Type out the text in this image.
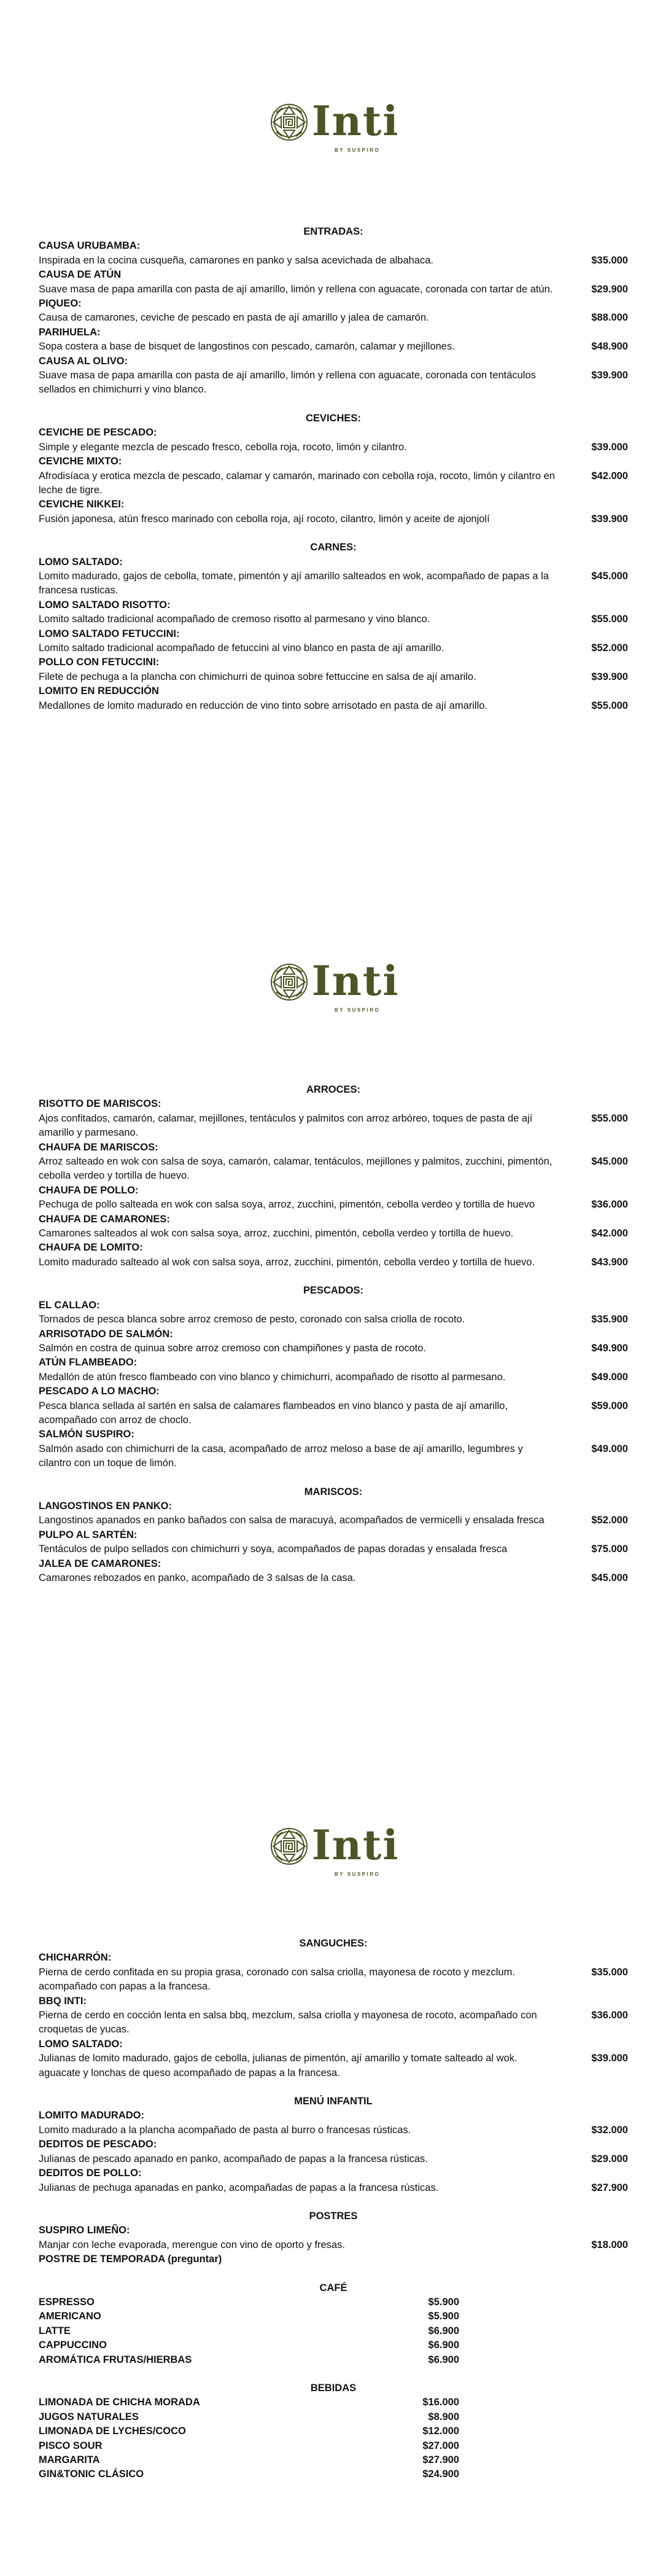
Inti
BY SUSPIRO
ENTRADAS:
CAUSA URUBAMBA:
Inspirada en la cocina cusqueña, camarones en panko y salsa acevichada de albahaca.	$35.000
CAUSA DE ATÚN
Suave masa de papa amarilla con pasta de ají amarillo, limón y rellena con aguacate, coronada con tartar de atún.	$29.900
PIQUEO:
Causa de camarones, ceviche de pescado en pasta de ají amarillo y jalea de camarón.	$88.000
PARIHUELA:
Sopa costera a base de bisquet de langostinos con pescado, camarón, calamar y mejillones.	$48.900
CAUSA AL OLIVO:
Suave masa de papa amarilla con pasta de ají amarillo, limón y rellena con aguacate, coronada con tentáculos sellados en chimichurri y vino blanco.
$39.900
CEVICHES:
CEVICHE DE PESCADO:
Simple y elegante mezcla de pescado fresco, cebolla roja, rocoto, limón y cilantro.	$39.000
CEVICHE MIXTO:
Afrodisíaca y erotica mezcla de pescado, calamar y camarón, marinado con cebolla roja, rocoto, limón y cilantro en leche de tigre.
$42.000
CEVICHE NIKKEI:
Fusión japonesa, atún fresco marinado con cebolla roja, ají rocoto, cilantro, limón y aceite de ajonjolí	$39.900
CARNES:
LOMO SALTADO:
Lomito madurado, gajos de cebolla, tomate, pimentón y ají amarillo salteados en wok, acompañado de papas a la francesa rusticas.
$45.000
LOMO SALTADO RISOTTO:
Lomito saltado tradicional acompañado de cremoso risotto al parmesano y vino blanco.	$55.000
LOMO SALTADO FETUCCINI:
Lomito saltado tradicional acompañado de fetuccini al vino blanco en pasta de ají amarillo.	$52.000
POLLO CON FETUCCINI:
Filete de pechuga a la plancha con chimichurri de quinoa sobre fettuccine en salsa de ají amarilo.	$39.900
LOMITO EN REDUCCIÓN
Medallones de lomito madurado en reducción de vino tinto sobre arrisotado en pasta de ají amarillo.	$55.000
Inti
BY SUSPIRO
ARROCES:
RISOTTO DE MARISCOS:
Ajos confitados, camarón, calamar, mejillones, tentáculos y palmitos con arroz arbóreo, toques de pasta de ají amarillo y parmesano.
$55.000
CHAUFA DE MARISCOS:
Arroz salteado en wok con salsa de soya, camarón, calamar, tentáculos, mejillones y palmitos, zucchini, pimentón, cebolla verdeo y tortilla de huevo.
$45.000
CHAUFA DE POLLO:
Pechuga de pollo salteada en wok con salsa soya, arroz, zucchini, pimentón, cebolla verdeo y tortilla de huevo	$36.000
CHAUFA DE CAMARONES:
Camarones salteados al wok con salsa soya, arroz, zucchini, pimentón, cebolla verdeo y tortilla de huevo.	$42.000
CHAUFA DE LOMITO:
Lomito madurado salteado al wok con salsa soya, arroz, zucchini, pimentón, cebolla verdeo y tortilla de huevo.	$43.900
PESCADOS:
EL CALLAO:
Tornados de pesca blanca sobre arroz cremoso de pesto, coronado con salsa criolla de rocoto.	$35.900
ARRISOTADO DE SALMÓN:
Salmón en costra de quinua sobre arroz cremoso con champiñones y pasta de rocoto.	$49.900
ATÚN FLAMBEADO:
Medallón de atún fresco flambeado con vino blanco y chimichurri, acompañado de risotto al parmesano.	$49.000
PESCADO A LO MACHO:
Pesca blanca sellada al sartén en salsa de calamares flambeados en vino blanco y pasta de ají amarillo, acompañado con arroz de choclo.
$59.000
SALMÓN SUSPIRO:
Salmón asado con chimichurri de la casa, acompañado de arroz meloso a base de ají amarillo, legumbres y cilantro con un toque de limón.
$49.000
MARISCOS:
LANGOSTINOS EN PANKO:
Langostinos apanados en panko bañados con salsa de maracuyá, acompañados de vermicelli y ensalada fresca	$52.000
PULPO AL SARTÉN:
Tentáculos de pulpo sellados con chimichurri y soya, acompañados de papas doradas y ensalada fresca	$75.000
JALEA DE CAMARONES:
Camarones rebozados en panko, acompañado de 3 salsas de la casa.	$45.000
Inti
BY SUSPIRO
SANGUCHES:
CHICHARRÓN:
Pierna de cerdo confitada en su propia grasa, coronado con salsa criolla, mayonesa de rocoto y mezclum. acompañado con papas a la francesa.
$35.000
BBQ INTI:
Pierna de cerdo en cocción lenta en salsa bbq, mezclum, salsa criolla y mayonesa de rocoto, acompañado con croquetas de yucas.
$36.000
LOMO SALTADO:
Julianas de lomito madurado, gajos de cebolla, julianas de pimentón, ají amarillo y tomate salteado al wok. aguacate y lonchas de queso acompañado de papas a la francesa.
$39.000
MENÚ INFANTIL
LOMITO MADURADO:
Lomito madurado a la plancha acompañado de pasta al burro o francesas rústicas.	$32.000
DEDITOS DE PESCADO:
Julianas de pescado apanado en panko, acompañado de papas a la francesa rústicas.	$29.000
DEDITOS DE POLLO:
Julianas de pechuga apanadas en panko, acompañadas de papas a la francesa rústicas.	$27.900
POSTRES
SUSPIRO LIMEÑO:
Manjar con leche evaporada, merengue con vino de oporto y fresas.	$18.000
POSTRE DE TEMPORADA (preguntar)
CAFÉ
ESPRESSO	$5.900
AMERICANO	$5.900
LATTE	$6.900
CAPPUCCINO	$6.900
AROMÁTICA FRUTAS/HIERBAS	$6.900
BEBIDAS
LIMONADA DE CHICHA MORADA	$16.000
JUGOS NATURALES	$8.900
LIMONADA DE LYCHES/COCO	$12.000
PISCO SOUR	$27.000
MARGARITA	$27.900
GIN&TONIC CLÁSICO	$24.900
